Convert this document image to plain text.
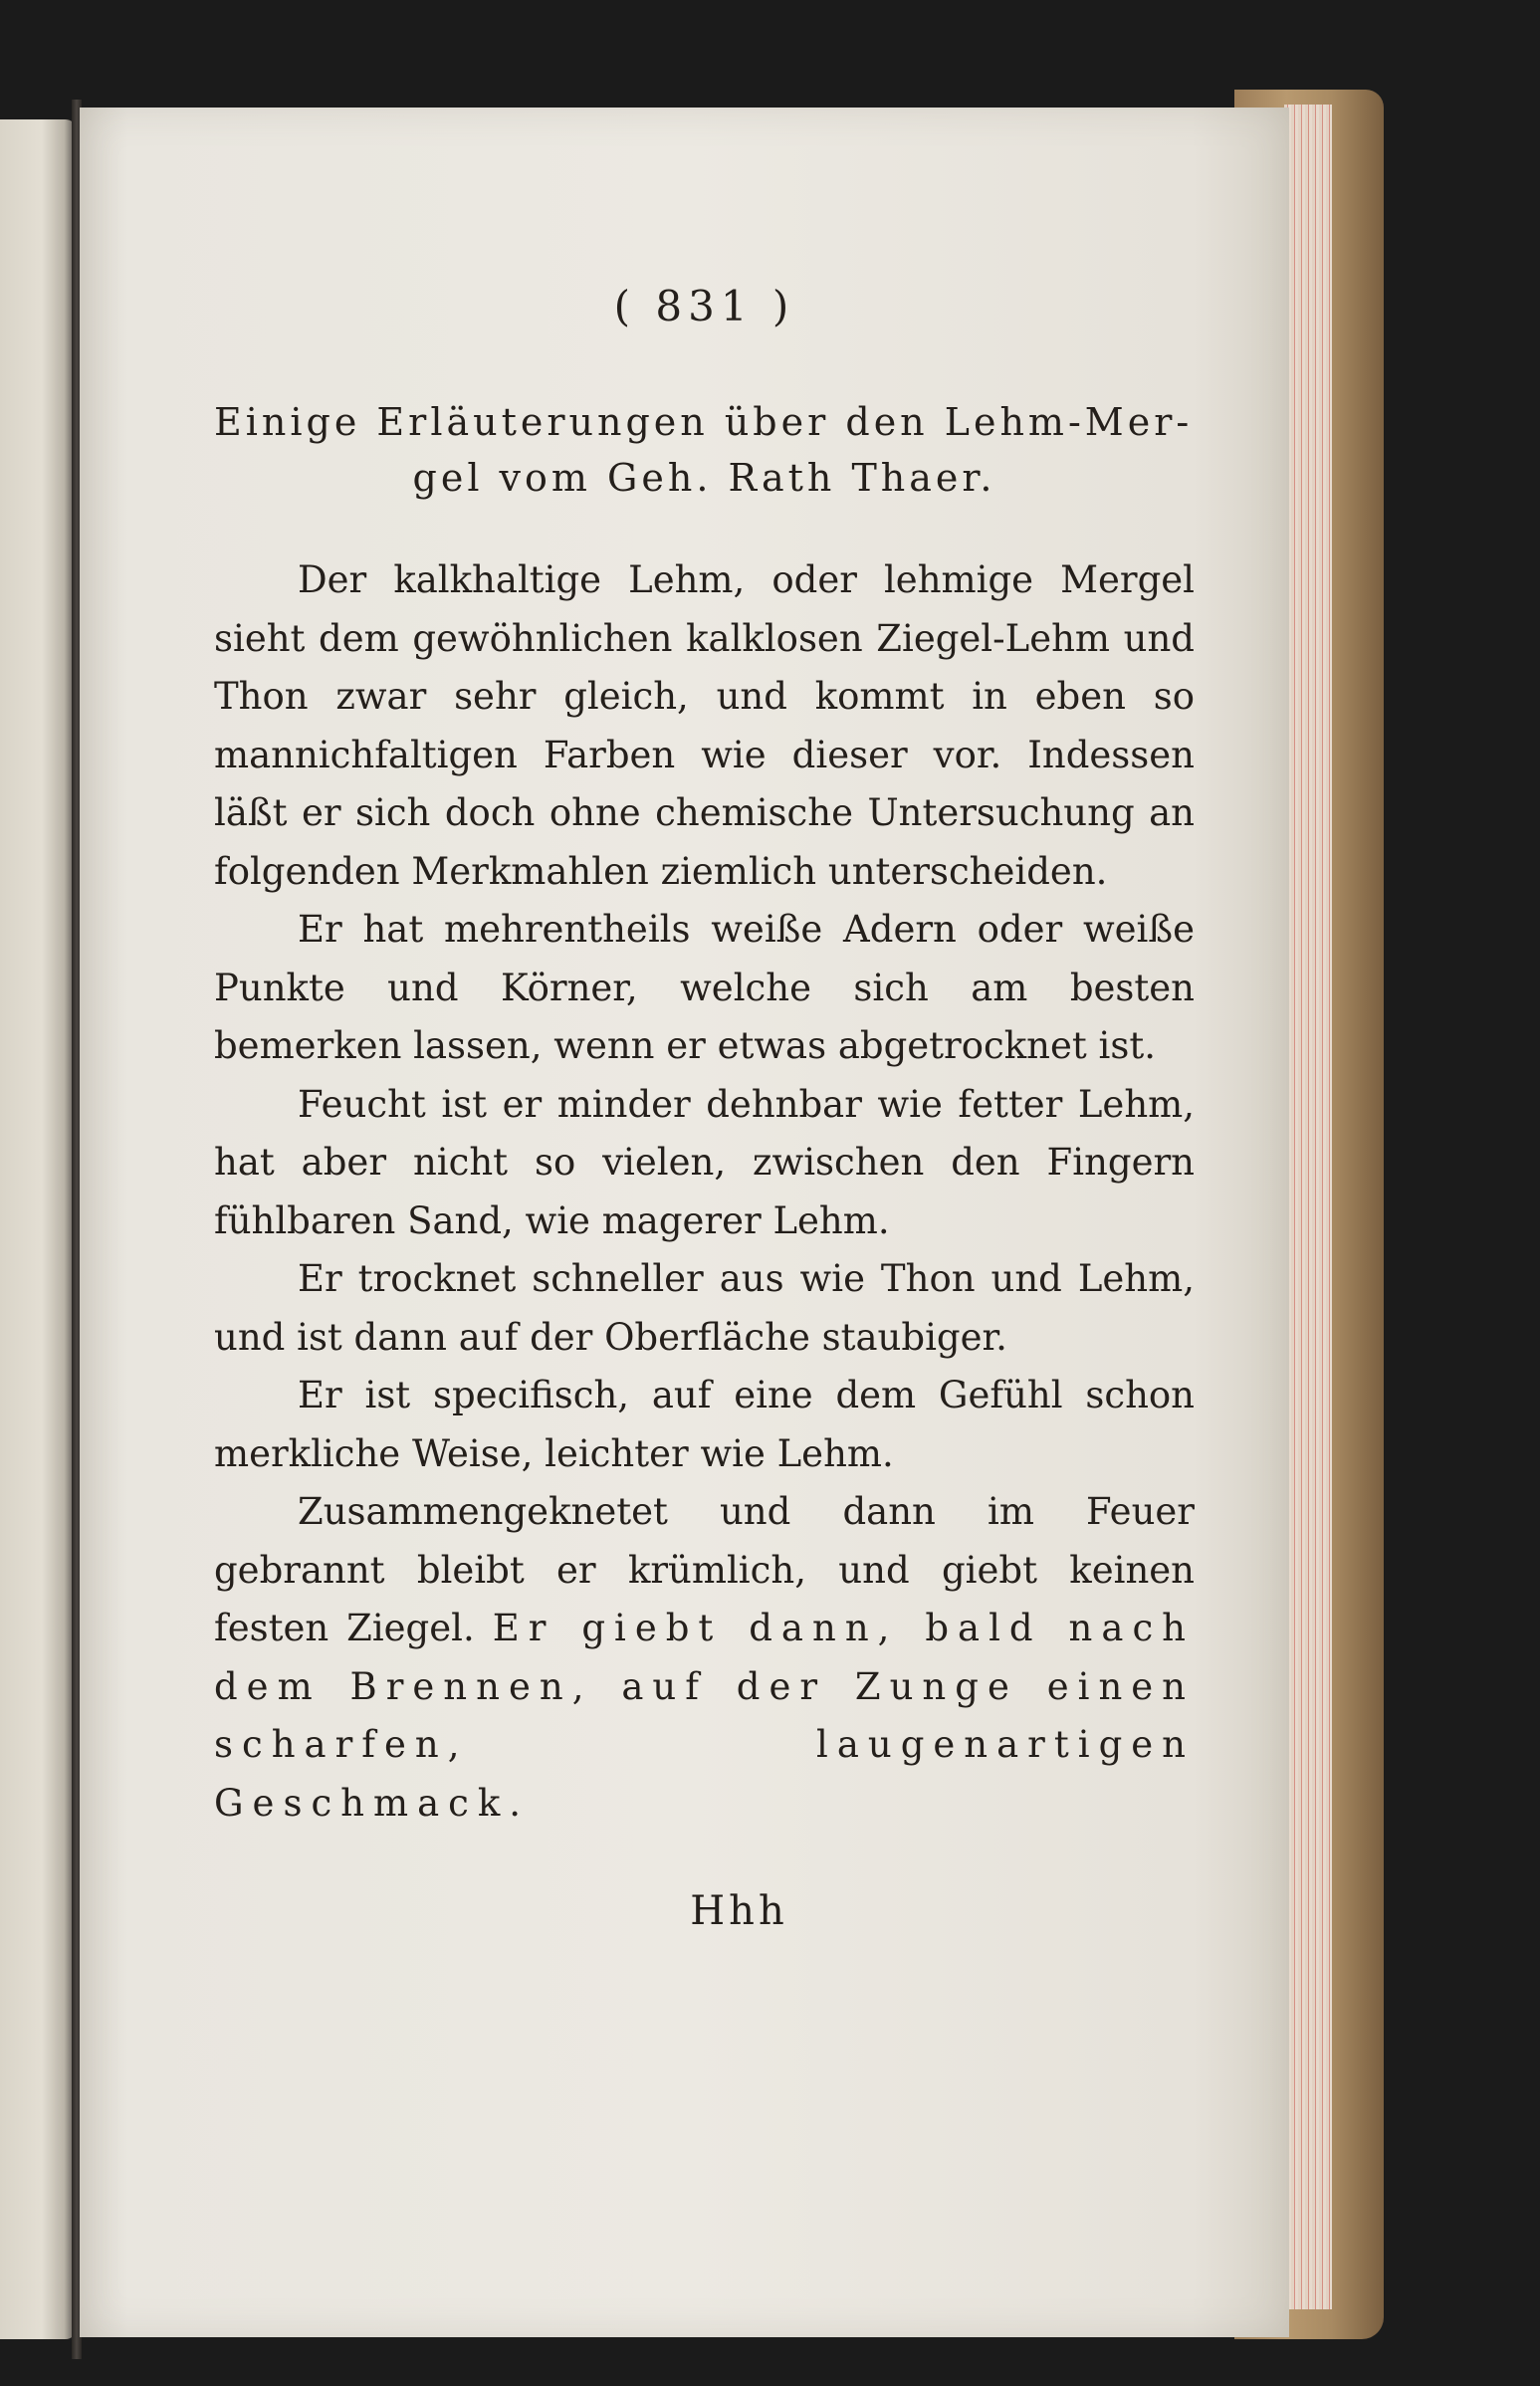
( 831 )
Einige Erläuterungen über den Lehm-Mer-
gel vom Geh. Rath Thaer.

Der kalkhaltige Lehm, oder lehmige Mergel sieht dem gewöhnlichen kalklosen Ziegel-Lehm und Thon zwar sehr gleich, und kommt in eben so mannichfaltigen Farben wie dieser vor. Indessen läßt er sich doch ohne chemische Untersuchung an folgenden Merkmahlen ziemlich unterscheiden.

Er hat mehrentheils weiße Adern oder weiße Punkte und Körner, welche sich am besten bemerken lassen, wenn er etwas abgetrocknet ist.

Feucht ist er minder dehnbar wie fetter Lehm, hat aber nicht so vielen, zwischen den Fingern fühlbaren Sand, wie magerer Lehm.

Er trocknet schneller aus wie Thon und Lehm, und ist dann auf der Oberfläche staubiger.

Er ist specifisch, auf eine dem Gefühl schon merkliche Weise, leichter wie Lehm.

Zusammengeknetet und dann im Feuer gebrannt bleibt er krümlich, und giebt keinen festen Ziegel. Er giebt dann, bald nach dem Brennen, auf der Zunge einen scharfen, laugenartigen Geschmack.

Hhh
